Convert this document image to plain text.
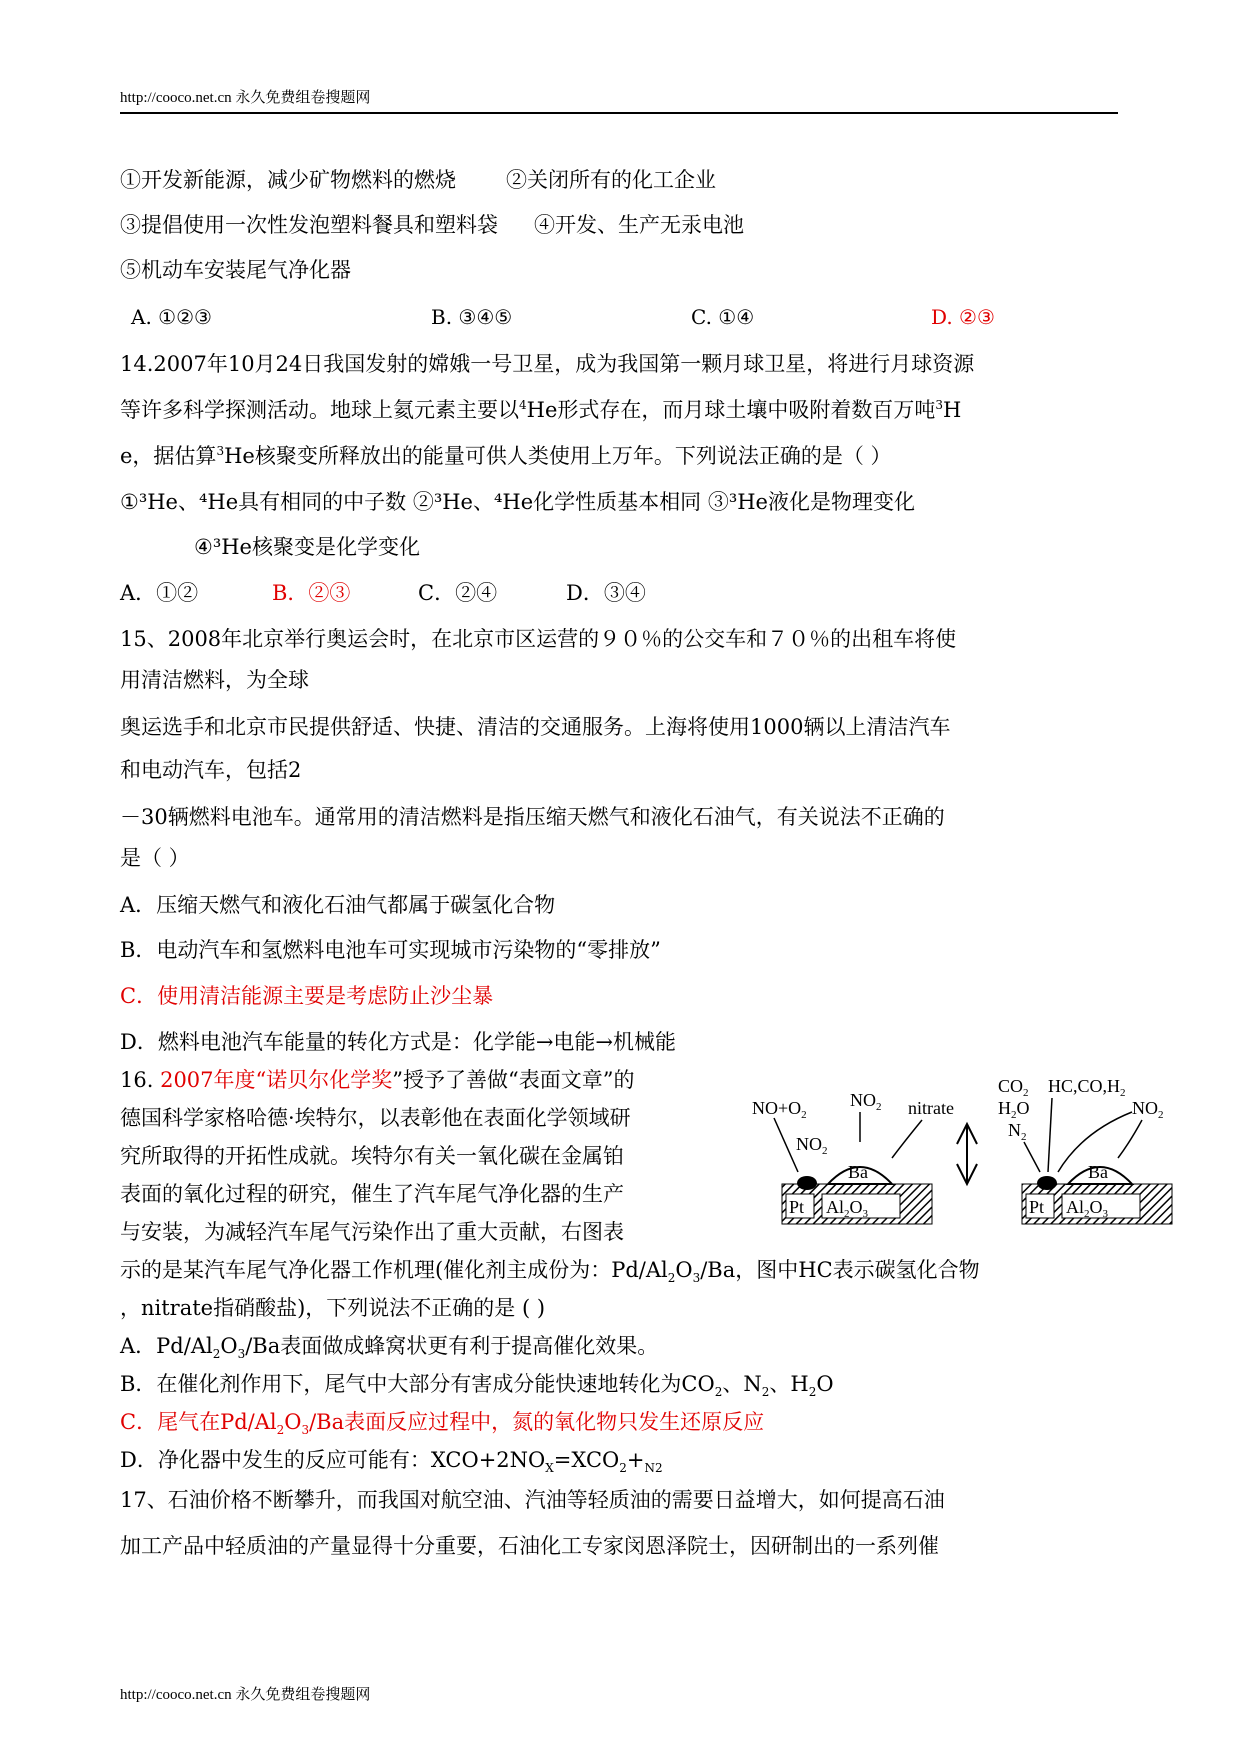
http://cooco.net.cn 永久免费组卷搜题网
①开发新能源，减少矿物燃料的燃烧 ②关闭所有的化工企业
③提倡使用一次性发泡塑料餐具和塑料袋 ④开发、生产无汞电池
⑤机动车安装尾气净化器
A. ①②③	B. ③④⑤	C. ①④	D. ②③
14.2007年10月24日我国发射的嫦娥一号卫星，成为我国第一颗月球卫星，将进行月球资源
等许多科学探测活动。地球上氦元素主要以$^4$He形式存在，而月球土壤中吸附着数百万吨$^3$H
e，据估算$^3$He核聚变所释放出的能量可供人类使用上万年。下列说法正确的是（ ）
①³He、⁴He具有相同的中子数 ②³He、⁴He化学性质基本相同 ③³He液化是物理变化
④³He核聚变是化学变化
A．①②	B．②③	C．②④	D．③④
15、2008年北京举行奥运会时，在北京市区运营的９０％的公交车和７０％的出租车将使
用清洁燃料，为全球
奥运选手和北京市民提供舒适、快捷、清洁的交通服务。上海将使用1000辆以上清洁汽车
和电动汽车，包括2
－30辆燃料电池车。通常用的清洁燃料是指压缩天燃气和液化石油气，有关说法不正确的
是（ ）
A．压缩天燃气和液化石油气都属于碳氢化合物
B．电动汽车和氢燃料电池车可实现城市污染物的“零排放”
C．使用清洁能源主要是考虑防止沙尘暴
D．燃料电池汽车能量的转化方式是：化学能→电能→机械能
16. 2007年度“诺贝尔化学奖”授予了善做“表面文章”的
德国科学家格哈德·埃特尔，以表彰他在表面化学领域研
究所取得的开拓性成就。埃特尔有关一氧化碳在金属铂
表面的氧化过程的研究，催生了汽车尾气净化器的生产
与安装，为减轻汽车尾气污染作出了重大贡献，右图表
示的是某汽车尾气净化器工作机理(催化剂主成份为：$Pd/Al_2O_3/Ba$，图中HC表示碳氢化合物
，nitrate指硝酸盐)，下列说法不正确的是 ( )
A．$Pd/Al_2O_3/Ba$表面做成蜂窝状更有利于提高催化效果。
B．在催化剂作用下，尾气中大部分有害成分能快速地转化为$CO_2$、$N_2$、$H_2O$
C．尾气在$Pd/Al_2O_3/Ba$表面反应过程中，氮的氧化物只发生还原反应
D．净化器中发生的反应可能有：$XCO+2NO_X=XCO_2+_{N2}$
Pt $Al_2O_3$
Ba
$NO+O_2$
$NO_2$
$NO_2$
nitrate
Pt $Al_2O_3$
Ba
$CO_2$
$H_2O$
$N_2$
$HC,CO,H_2$
$NO_2$
17、石油价格不断攀升，而我国对航空油、汽油等轻质油的需要日益增大，如何提高石油
加工产品中轻质油的产量显得十分重要，石油化工专家闵恩泽院士，因研制出的一系列催
http://cooco.net.cn 永久免费组卷搜题网
